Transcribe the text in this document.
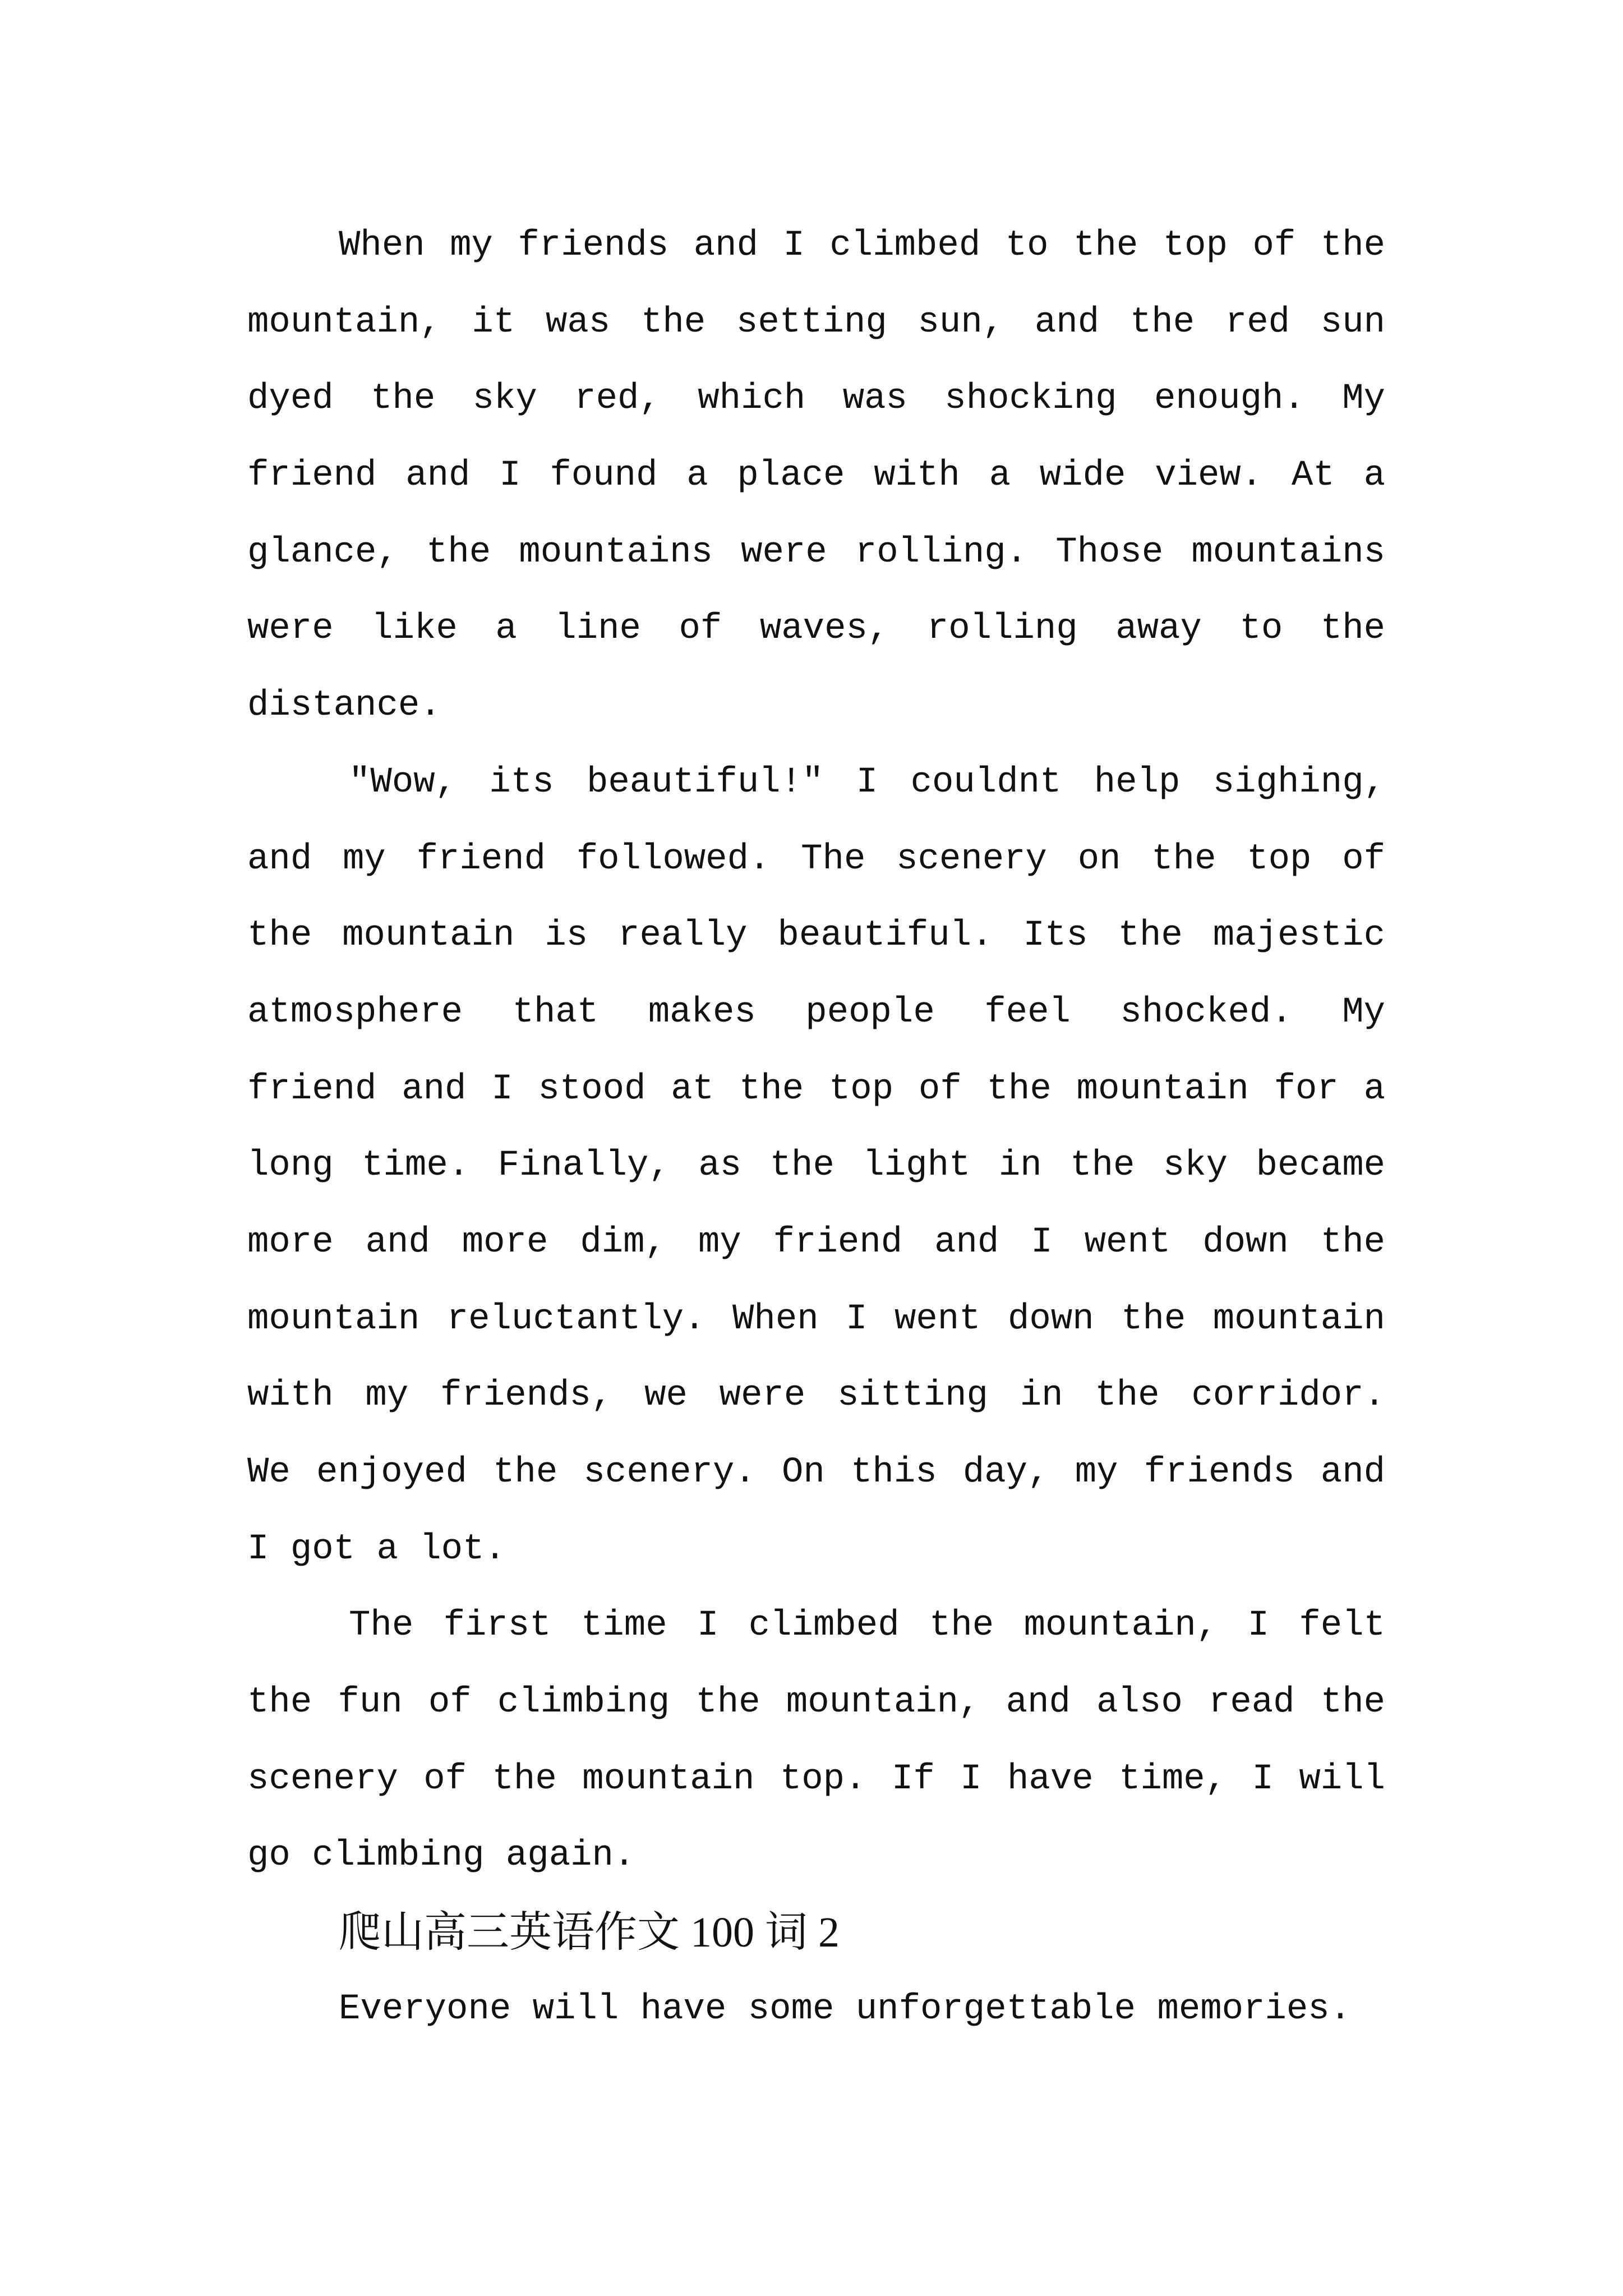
When my friends and I climbed to the top of the
mountain, it was the setting sun, and the red sun
dyed the sky red, which was shocking enough. My
friend and I found a place with a wide view. At a
glance, the mountains were rolling. Those mountains
were like a line of waves, rolling away to the
distance.
"Wow, its beautiful!" I couldnt help sighing,
and my friend followed. The scenery on the top of
the mountain is really beautiful. Its the majestic
atmosphere that makes people feel shocked. My
friend and I stood at the top of the mountain for a
long time. Finally, as the light in the sky became
more and more dim, my friend and I went down the
mountain reluctantly. When I went down the mountain
with my friends, we were sitting in the corridor.
We enjoyed the scenery. On this day, my friends and
I got a lot.
The first time I climbed the mountain, I felt
the fun of climbing the mountain, and also read the
scenery of the mountain top. If I have time, I will
go climbing again.
爬山高三英语作文 100 词 2
Everyone will have some unforgettable memories.
